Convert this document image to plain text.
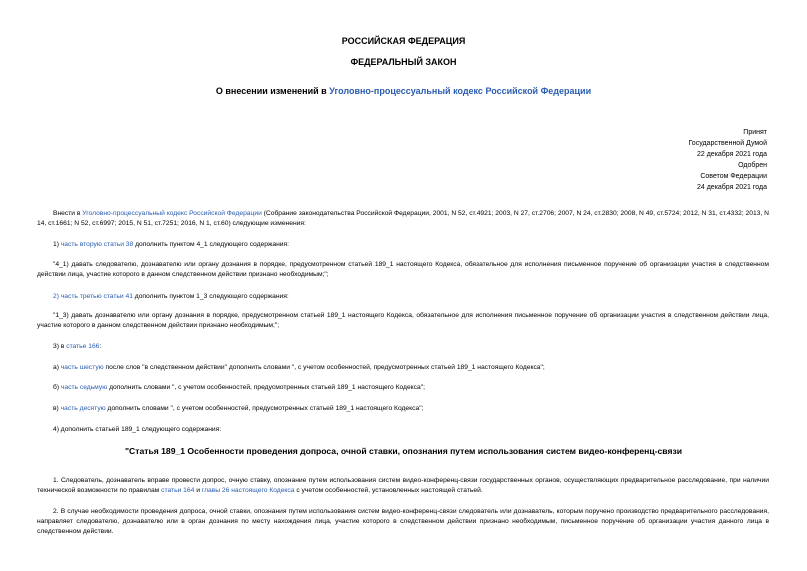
РОССИЙСКАЯ ФЕДЕРАЦИЯ
ФЕДЕРАЛЬНЫЙ ЗАКОН
О внесении изменений в Уголовно-процессуальный кодекс Российской Федерации
Принят
Государственной Думой
22 декабря 2021 года
Одобрен
Советом Федерации
24 декабря 2021 года
Внести в Уголовно-процессуальный кодекс Российской Федерации (Собрание законодательства Российской Федерации, 2001, N 52, ст.4921; 2003, N 27, ст.2706; 2007, N 24, ст.2830; 2008, N 49, ст.5724; 2012, N 31, ст.4332; 2013, N 14, ст.1661; N 52, ст.6997; 2015, N 51, ст.7251; 2016, N 1, ст.60) следующие изменения:
1) часть вторую статьи 38 дополнить пунктом 4_1 следующего содержания:
"4_1) давать следователю, дознавателю или органу дознания в порядке, предусмотренном статьей 189_1 настоящего Кодекса, обязательное для исполнения письменное поручение об организации участия в следственном действии лица, участие которого в данном следственном действии признано необходимым;";
2) часть третью статьи 41 дополнить пунктом 1_3 следующего содержания:
"1_3) давать дознавателю или органу дознания в порядке, предусмотренном статьей 189_1 настоящего Кодекса, обязательное для исполнения письменное поручение об организации участия в следственном действии лица, участие которого в данном следственном действии признано необходимым;";
3) в статье 166:
а) часть шестую после слов "в следственном действии" дополнить словами ", с учетом особенностей, предусмотренных статьей 189_1 настоящего Кодекса";
б) часть седьмую дополнить словами ", с учетом особенностей, предусмотренных статьей 189_1 настоящего Кодекса";
в) часть десятую дополнить словами ", с учетом особенностей, предусмотренных статьей 189_1 настоящего Кодекса";
4) дополнить статьей 189_1 следующего содержания:
"Статья 189_1 Особенности проведения допроса, очной ставки, опознания путем использования систем видео-конференц-связи
1. Следователь, дознаватель вправе провести допрос, очную ставку, опознание путем использования систем видео-конференц-связи государственных органов, осуществляющих предварительное расследование, при наличии технической возможности по правилам статьи 164 и главы 26 настоящего Кодекса с учетом особенностей, установленных настоящей статьей.
2. В случае необходимости проведения допроса, очной ставки, опознания путем использования систем видео-конференц-связи следователь или дознаватель, которым поручено производство предварительного расследования, направляет следователю, дознавателю или в орган дознания по месту нахождения лица, участие которого в следственном действии признано необходимым, письменное поручение об организации участия данного лица в следственном действии.
